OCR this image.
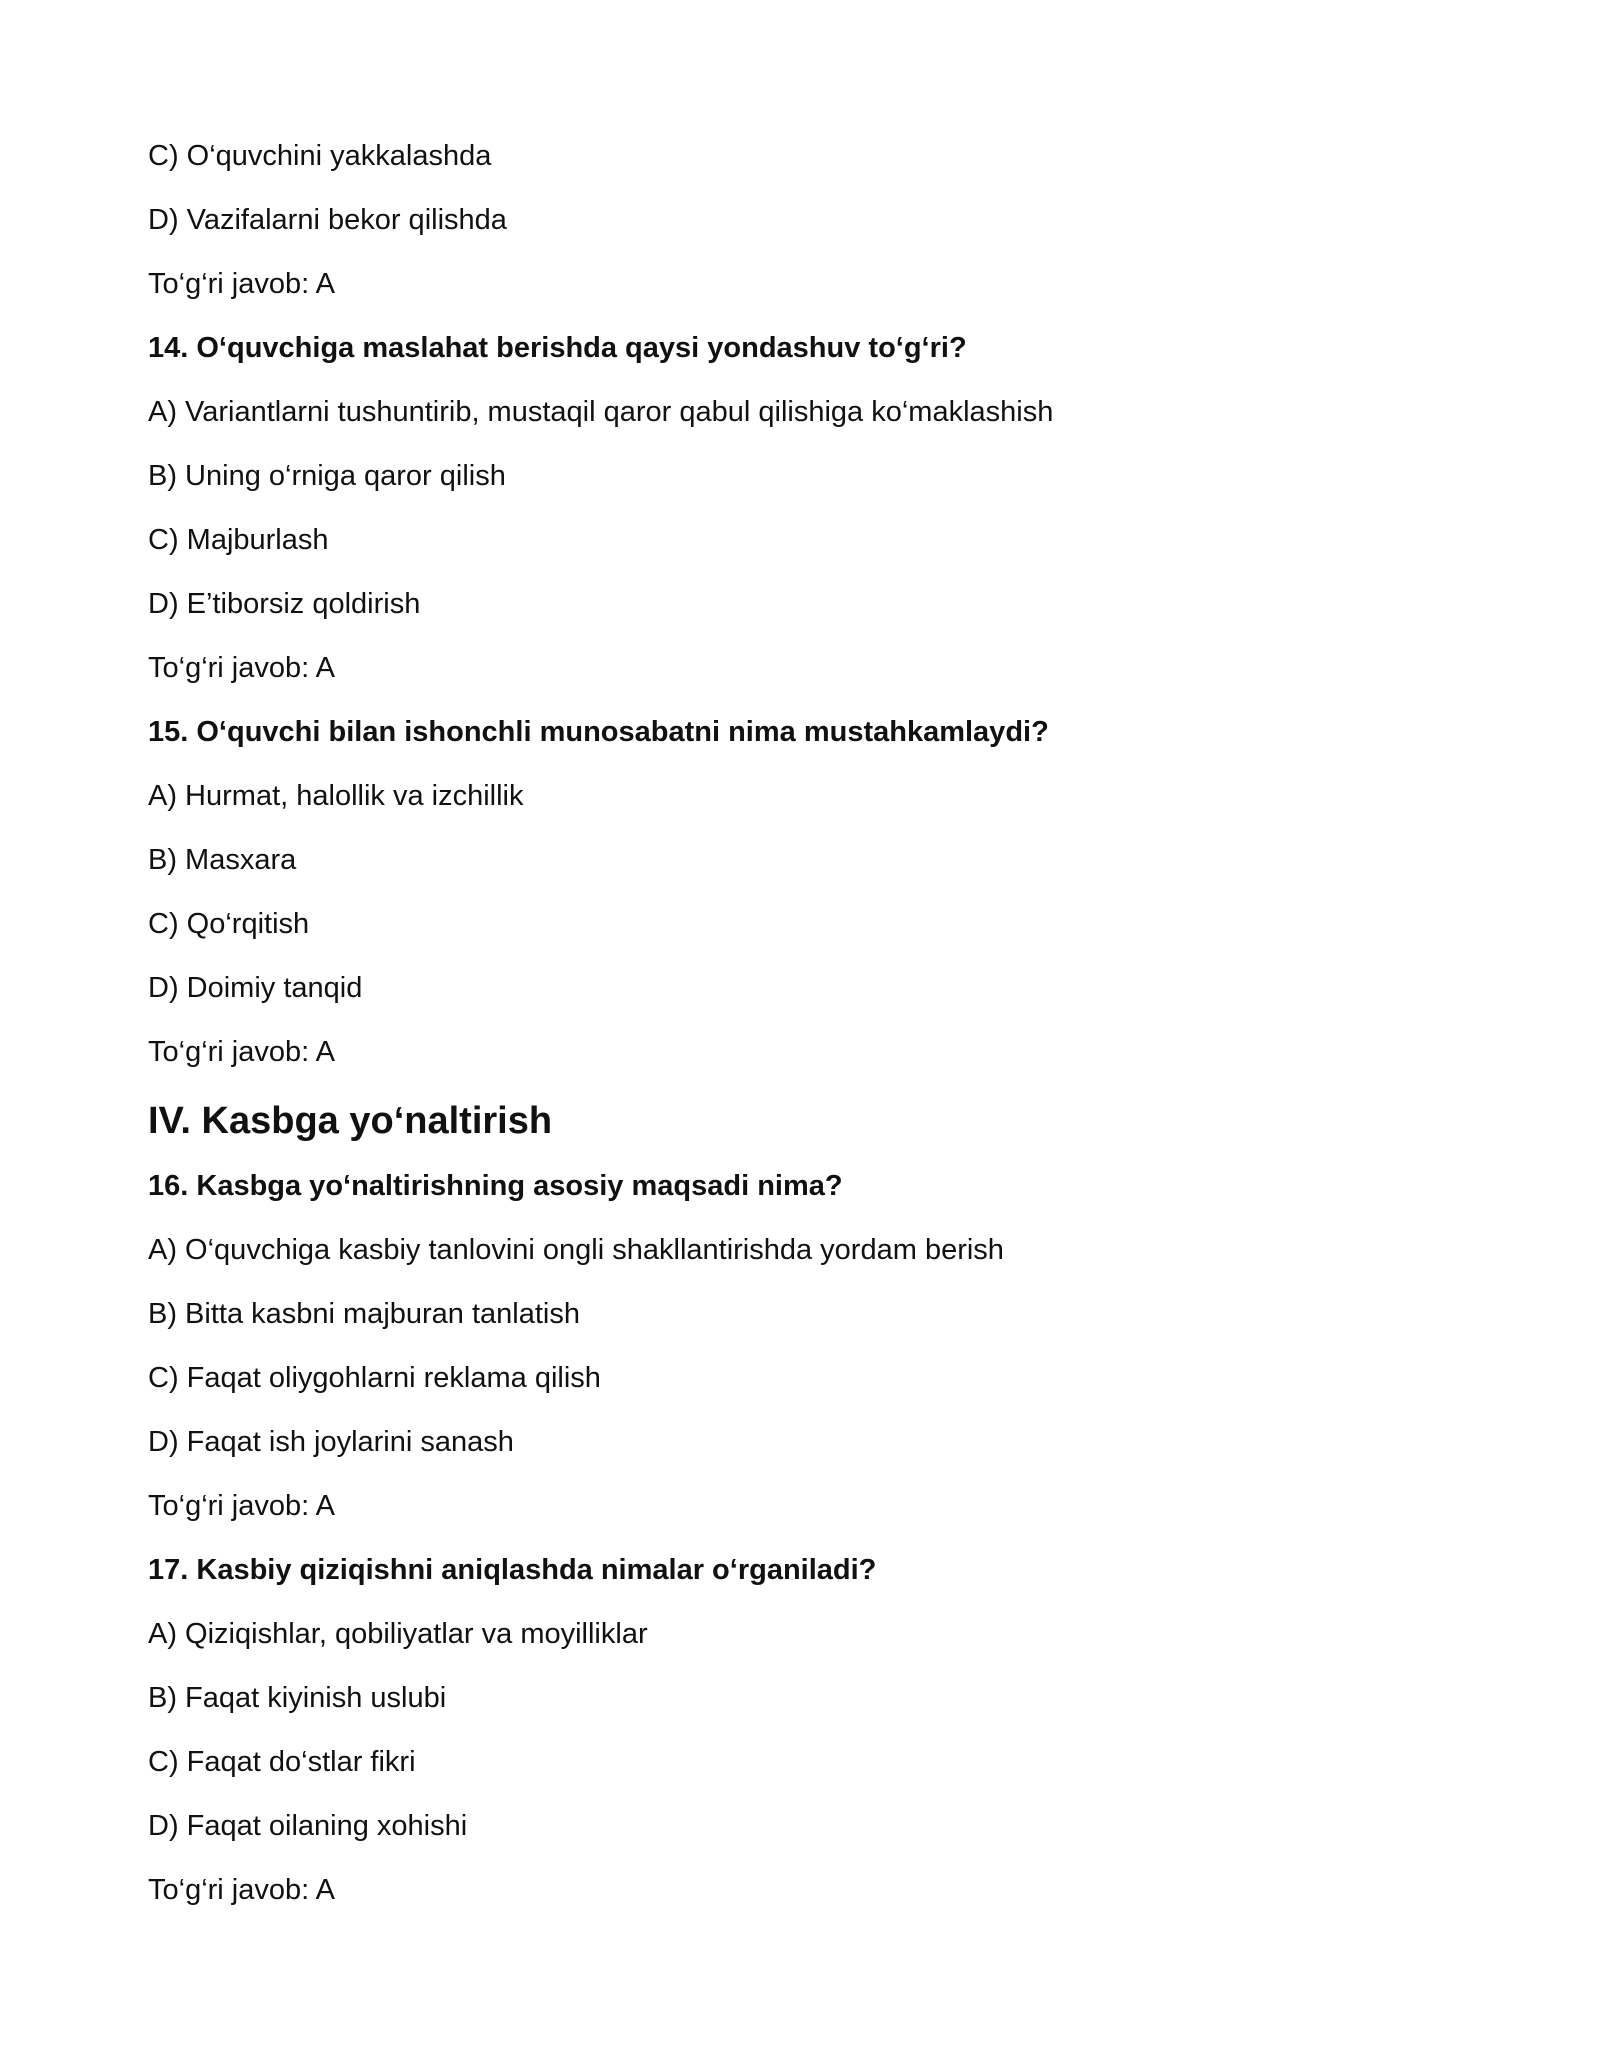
C) O‘quvchini yakkalashda
D) Vazifalarni bekor qilishda
To‘g‘ri javob: A
14. O‘quvchiga maslahat berishda qaysi yondashuv to‘g‘ri?
A) Variantlarni tushuntirib, mustaqil qaror qabul qilishiga ko‘maklashish
B) Uning o‘rniga qaror qilish
C) Majburlash
D) E’tiborsiz qoldirish
To‘g‘ri javob: A
15. O‘quvchi bilan ishonchli munosabatni nima mustahkamlaydi?
A) Hurmat, halollik va izchillik
B) Masxara
C) Qo‘rqitish
D) Doimiy tanqid
To‘g‘ri javob: A
IV. Kasbga yo‘naltirish
16. Kasbga yo‘naltirishning asosiy maqsadi nima?
A) O‘quvchiga kasbiy tanlovini ongli shakllantirishda yordam berish
B) Bitta kasbni majburan tanlatish
C) Faqat oliygohlarni reklama qilish
D) Faqat ish joylarini sanash
To‘g‘ri javob: A
17. Kasbiy qiziqishni aniqlashda nimalar o‘rganiladi?
A) Qiziqishlar, qobiliyatlar va moyilliklar
B) Faqat kiyinish uslubi
C) Faqat do‘stlar fikri
D) Faqat oilaning xohishi
To‘g‘ri javob: A
